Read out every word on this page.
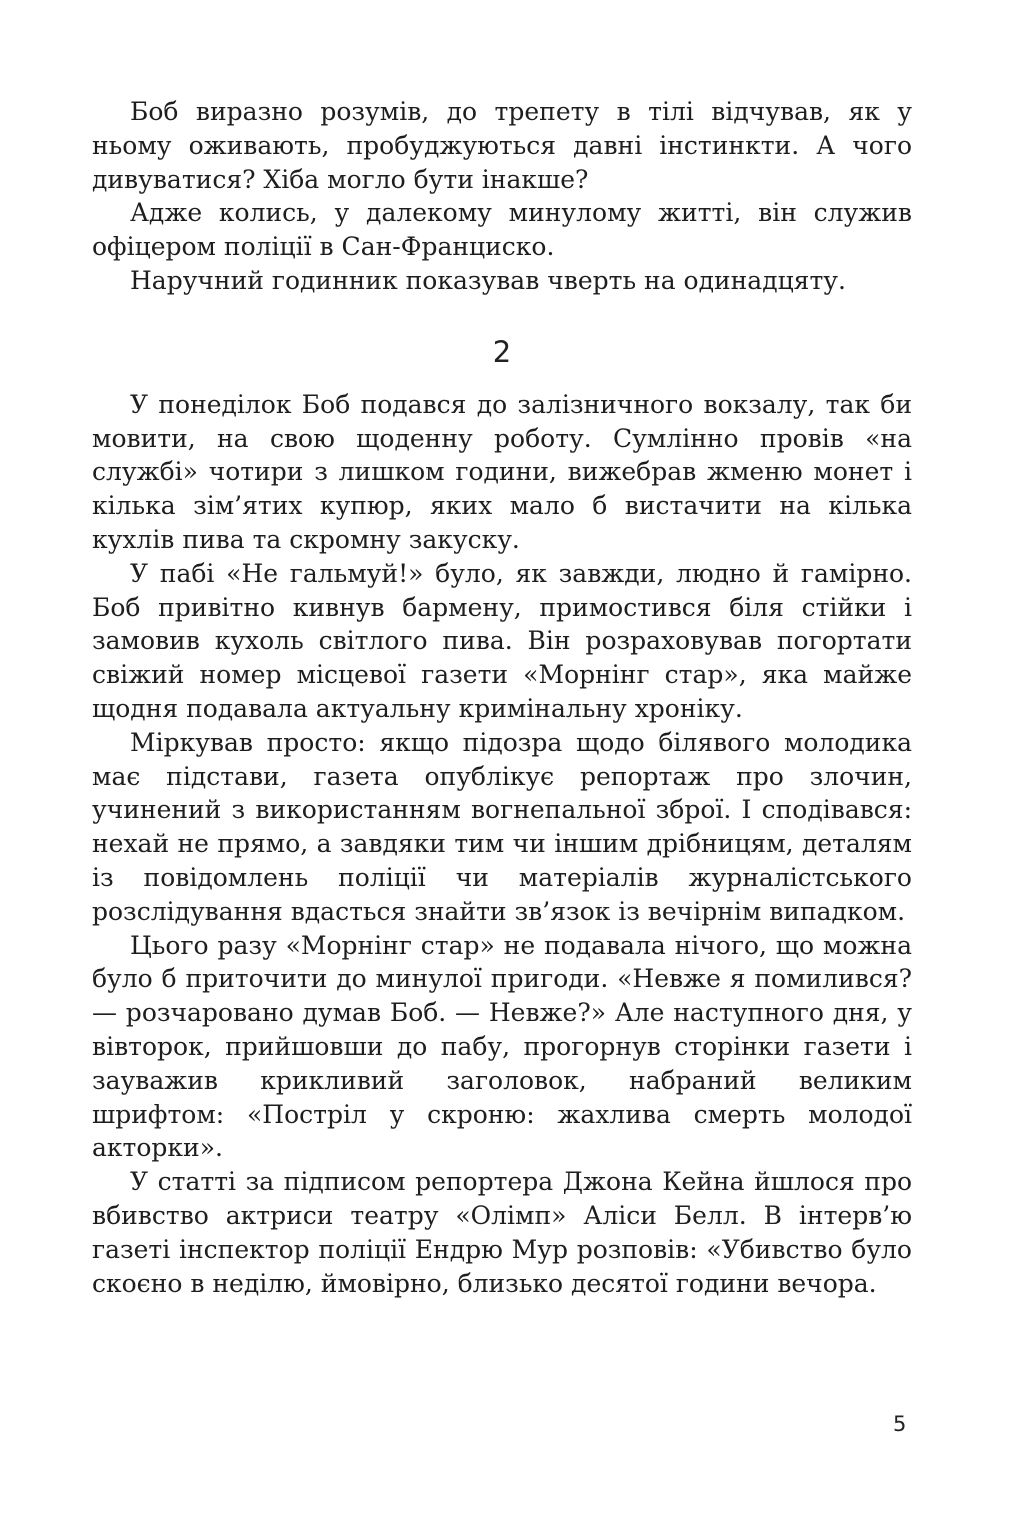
Боб виразно розумів, до трепету в тілі відчував, як у ньому оживають, пробуджуються давні інстинкти. А чого дивуватися? Хіба могло бути інакше?

Адже колись, у далекому минулому житті, він служив офіцером поліції в Сан-Франциско.

Наручний годинник показував чверть на одинадцяту.

2

У понеділок Боб подався до залізничного вокзалу, так би мовити, на свою щоденну роботу. Сумлінно провів «на службі» чотири з лишком години, вижебрав жменю монет і кілька зім’ятих купюр, яких мало б вистачити на кілька кухлів пива та скромну закуску.

У пабі «Не гальмуй!» було, як завжди, людно й гамірно. Боб привітно кивнув бармену, примостився біля стійки і замовив кухоль світлого пива. Він розраховував погортати свіжий номер місцевої газети «Морнінг стар», яка майже щодня подавала актуальну кримінальну хроніку.

Міркував просто: якщо підозра щодо білявого молодика має підстави, газета опублікує репортаж про злочин, учинений з використанням вогнепальної зброї. І сподівався: нехай не прямо, а завдяки тим чи іншим дрібницям, деталям із повідомлень поліції чи матеріалів журналістського розслідування вдасться знайти зв’язок із вечірнім випадком.

Цього разу «Морнінг стар» не подавала нічого, що можна було б приточити до минулої пригоди. «Невже я помилився? — розчаровано думав Боб. — Невже?» Але наступного дня, у вівторок, прийшовши до пабу, прогорнув сторінки газети і зауважив крикливий заголовок, набраний великим шрифтом: «Постріл у скроню: жахлива смерть молодої акторки».

У статті за підписом репортера Джона Кейна йшлося про вбивство актриси театру «Олімп» Аліси Белл. В інтерв’ю газеті інспектор поліції Ендрю Мур розповів: «Убивство було скоєно в неділю, ймовірно, близько десятої години вечора.

5
